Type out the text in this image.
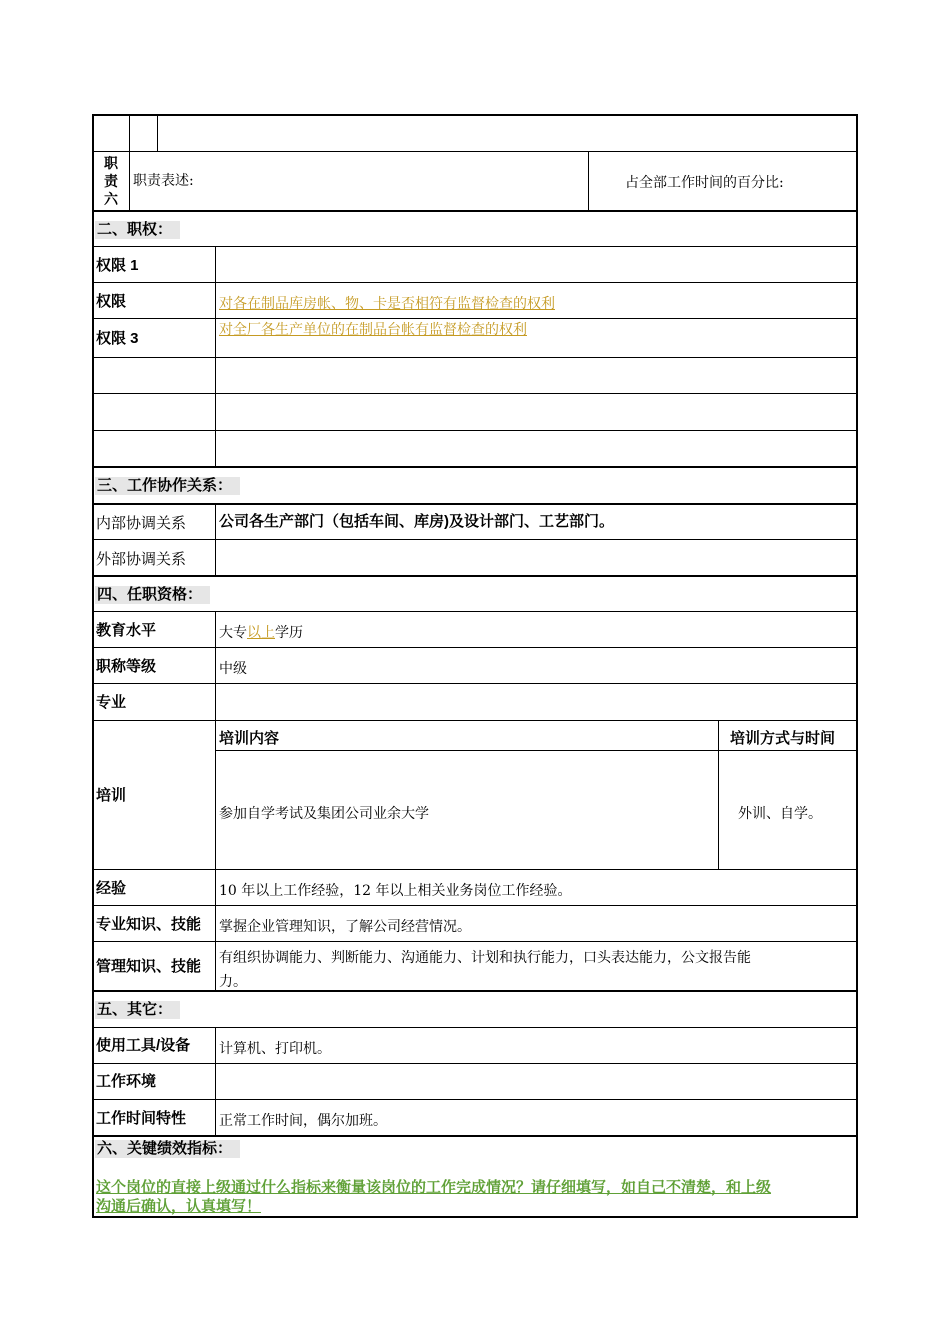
职
责
六
职责表述:	占全部工作时间的百分比:
二、职权：
权限 1
权限	对各在制品库房帐、物、卡是否相符有监督检查的权利
权限 3	对全厂各生产单位的在制品台帐有监督检查的权利
三、工作协作关系：
内部协调关系 公司各生产部门（包括车间、库房)及设计部门、工艺部门。
外部协调关系
四、任职资格：
教育水平	大专以上学历
职称等级	中级
专业
培训
培训内容	培训方式与时间
参加自学考试及集团公司业余大学	外训、自学。
经验	10 年以上工作经验，12 年以上相关业务岗位工作经验。
专业知识、技能 掌握企业管理知识，了解公司经营情况。
管理知识、技能 有组织协调能力、判断能力、沟通能力、计划和执行能力，口头表达能力，公文报告能
力。
五、其它：
使用工具/设备 计算机、打印机。
工作环境
工作时间特性 正常工作时间，偶尔加班。
六、关键绩效指标：
这个岗位的直接上级通过什么指标来衡量该岗位的工作完成情况？请仔细填写，如自己不清楚，和上级
沟通后确认，认真填写！
